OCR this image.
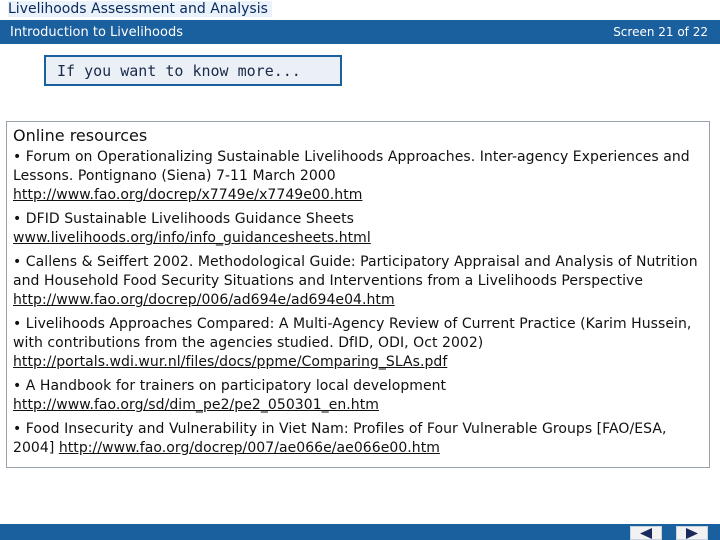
Livelihoods Assessment and Analysis
Introduction to Livelihoods	Screen 21 of 22
If you want to know more...
Online resources
• Forum on Operationalizing Sustainable Livelihoods Approaches. Inter-agency Experiences and Lessons. Pontignano (Siena) 7-11 March 2000
http://www.fao.org/docrep/x7749e/x7749e00.htm
• DFID Sustainable Livelihoods Guidance Sheets
www.livelihoods.org/info/info_guidancesheets.html
• Callens & Seiffert 2002. Methodological Guide: Participatory Appraisal and Analysis of Nutrition and Household Food Security Situations and Interventions from a Livelihoods Perspective http://www.fao.org/docrep/006/ad694e/ad694e04.htm
• Livelihoods Approaches Compared: A Multi-Agency Review of Current Practice (Karim Hussein, with contributions from the agencies studied. DfID, ODI, Oct 2002)
http://portals.wdi.wur.nl/files/docs/ppme/Comparing_SLAs.pdf
• A Handbook for trainers on participatory local development
http://www.fao.org/sd/dim_pe2/pe2_050301_en.htm
• Food Insecurity and Vulnerability in Viet Nam: Profiles of Four Vulnerable Groups [FAO/ESA, 2004] http://www.fao.org/docrep/007/ae066e/ae066e00.htm
